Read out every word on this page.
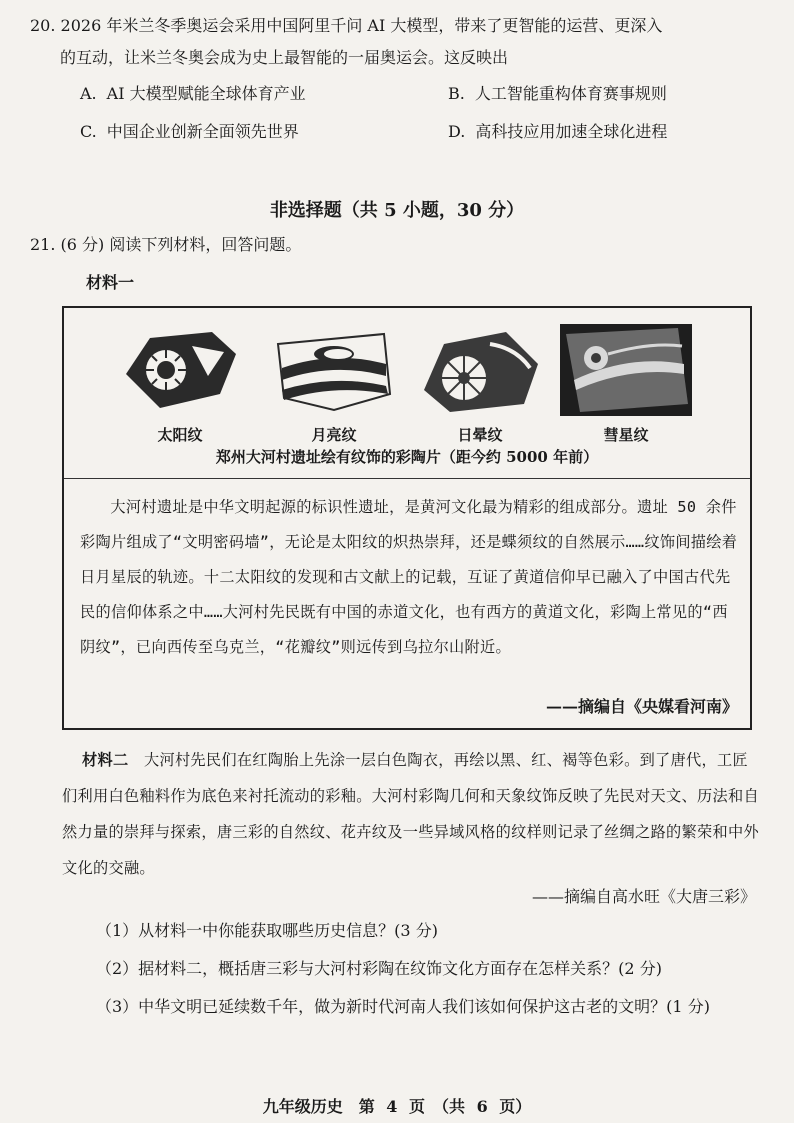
20. 2026 年米兰冬季奥运会采用中国阿里千问 AI 大模型，带来了更智能的运营、更深入

的互动，让米兰冬奥会成为史上最智能的一届奥运会。这反映出

A. AI 大模型赋能全球体育产业	B. 人工智能重构体育赛事规则
C. 中国企业创新全面领先世界	D. 高科技应用加速全球化进程
非选择题（共 5 小题，30 分）
21. (6 分) 阅读下列材料，回答问题。
材料一
太阳纹	月亮纹	日晕纹	彗星纹
郑州大河村遗址绘有纹饰的彩陶片（距今约 5000 年前）

大河村遗址是中华文明起源的标识性遗址，是黄河文化最为精彩的组成部分。遗址 50 余件彩陶片组成了“文明密码墙”，无论是太阳纹的炽热崇拜，还是蝶须纹的自然展示……纹饰间描绘着日月星辰的轨迹。十二太阳纹的发现和古文献上的记载，互证了黄道信仰早已融入了中国古代先民的信仰体系之中……大河村先民既有中国的赤道文化，也有西方的黄道文化，彩陶上常见的“西阴纹”，已向西传至乌克兰，“花瓣纹”则远传到乌拉尔山附近。

——摘编自《央媒看河南》

材料二　 大河村先民们在红陶胎上先涂一层白色陶衣，再绘以黑、红、褐等色彩。到了唐代，工匠们利用白色釉料作为底色来衬托流动的彩釉。大河村彩陶几何和天象纹饰反映了先民对天文、历法和自然力量的崇拜与探索，唐三彩的自然纹、花卉纹及一些异域风格的纹样则记录了丝绸之路的繁荣和中外文化的交融。

——摘编自高水旺《大唐三彩》
（1）从材料一中你能获取哪些历史信息？(3 分)
（2）据材料二，概括唐三彩与大河村彩陶在纹饰文化方面存在怎样关系？(2 分)
（3）中华文明已延续数千年，做为新时代河南人我们该如何保护这古老的文明？(1 分)
九年级历史　第 4 页　（共 6 页）
